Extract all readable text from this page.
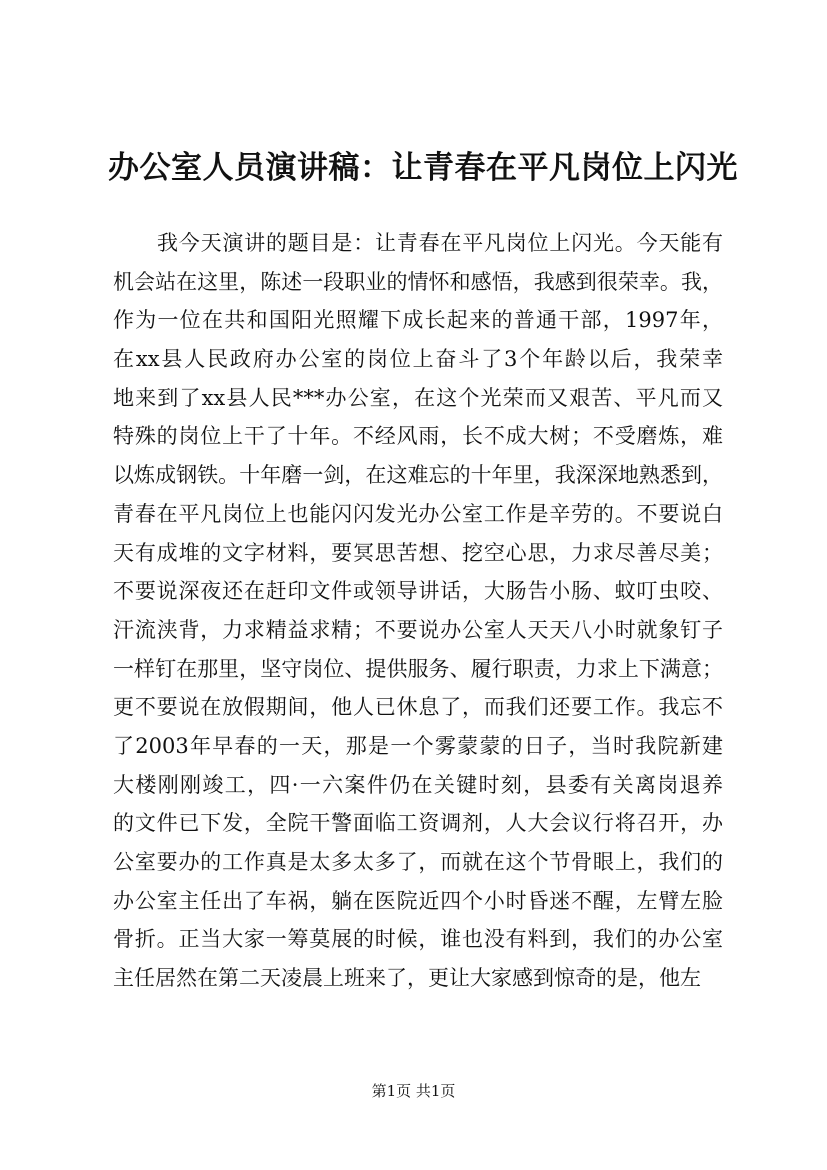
办公室人员演讲稿：让青春在平凡岗位上闪光
我今天演讲的题目是：让青春在平凡岗位上闪光。今天能有
机会站在这里，陈述一段职业的情怀和感悟，我感到很荣幸。我，
作为一位在共和国阳光照耀下成长起来的普通干部，1997年，
在xx县人民政府办公室的岗位上奋斗了3个年龄以后，我荣幸
地来到了xx县人民***办公室，在这个光荣而又艰苦、平凡而又
特殊的岗位上干了十年。不经风雨，长不成大树；不受磨炼，难
以炼成钢铁。十年磨一剑，在这难忘的十年里，我深深地熟悉到，
青春在平凡岗位上也能闪闪发光办公室工作是辛劳的。不要说白
天有成堆的文字材料，要冥思苦想、挖空心思，力求尽善尽美；
不要说深夜还在赶印文件或领导讲话，大肠告小肠、蚊叮虫咬、
汗流浃背，力求精益求精；不要说办公室人天天八小时就象钉子
一样钉在那里，坚守岗位、提供服务、履行职责，力求上下满意；
更不要说在放假期间，他人已休息了，而我们还要工作。我忘不
了2003年早春的一天，那是一个雾蒙蒙的日子，当时我院新建
大楼刚刚竣工，四·一六案件仍在关键时刻，县委有关离岗退养
的文件已下发，全院干警面临工资调剂，人大会议行将召开，办
公室要办的工作真是太多太多了，而就在这个节骨眼上，我们的
办公室主任出了车祸，躺在医院近四个小时昏迷不醒，左臂左脸
骨折。正当大家一筹莫展的时候，谁也没有料到，我们的办公室
主任居然在第二天凌晨上班来了，更让大家感到惊奇的是，他左
第1页 共1页
